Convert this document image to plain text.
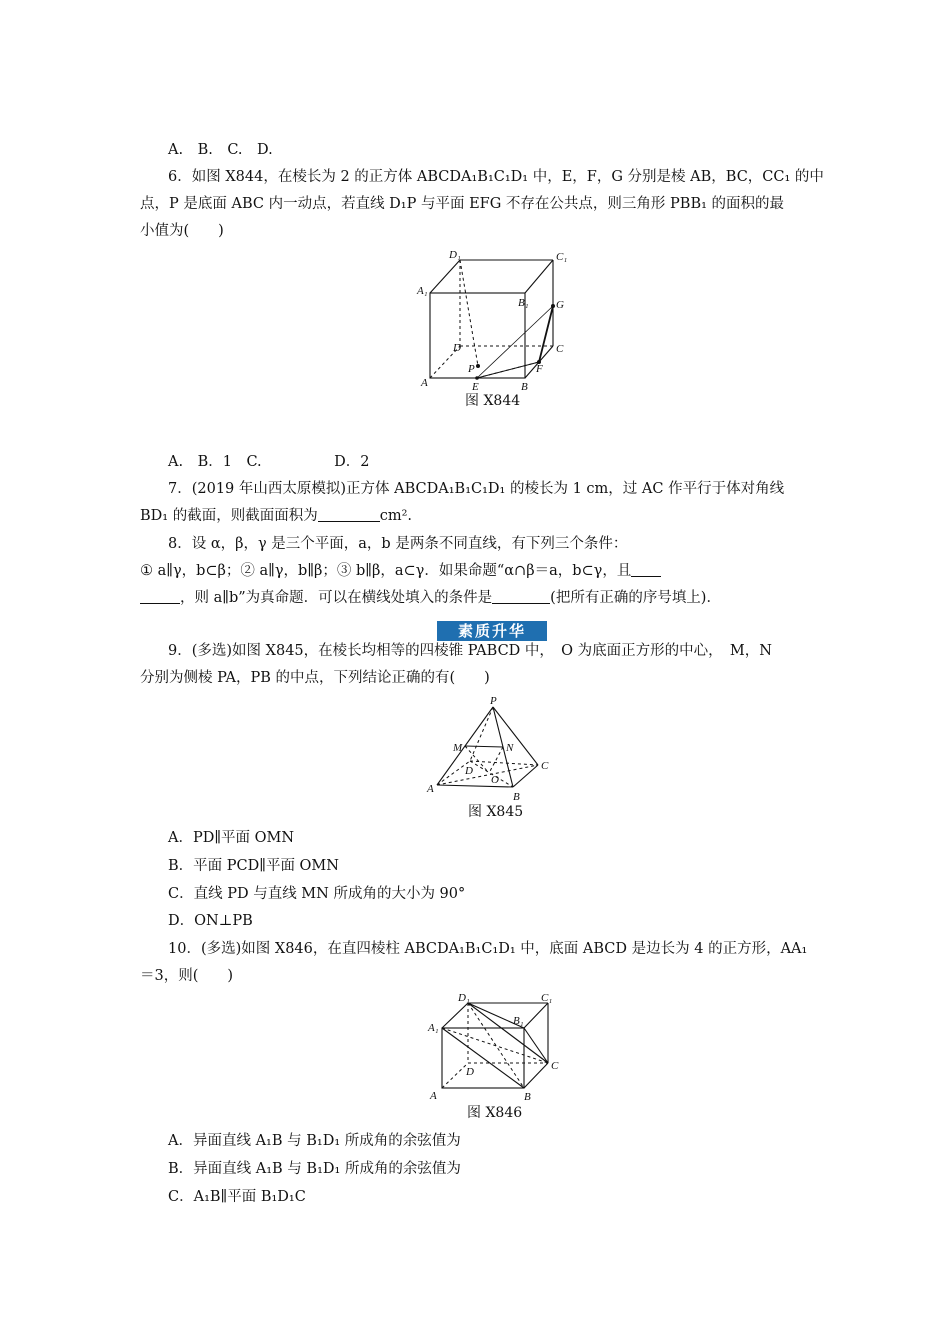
A.　B.　C.　D.
6．如图 X844，在棱长为 2 的正方体 ABCDA₁B₁C₁D₁ 中，E，F，G 分别是棱 AB，BC，CC₁ 的中
点，P 是底面 ABC 内一动点，若直线 D₁P 与平面 EFG 不存在公共点，则三角形 PBB₁ 的面积的最
小值为(　　)
D₁	C₁
A₁
B₁ G
D	C
P	F
A	E	B
图 X844
A.　B．1　C.　　　　　D．2
7．(2019 年山西太原模拟)正方体 ABCDA₁B₁C₁D₁ 的棱长为 1 cm，过 AC 作平行于体对角线
BD₁ 的截面，则截面面积为	cm².
8．设 α，β，γ 是三个平面，a，b 是两条不同直线，有下列三个条件：
① a∥γ，b⊂β；② a∥γ，b∥β；③ b∥β，a⊂γ．如果命题“α∩β＝a，b⊂γ，且
，则 a∥b”为真命题．可以在横线处填入的条件是	(把所有正确的序号填上)．
素质升华
9．(多选)如图 X845，在棱长均相等的四棱锥 PABCD 中，　O 为底面正方形的中心，　M，N
分别为侧棱 PA，PB 的中点，下列结论正确的有(　　)
P
M	N
D
O
C
A
B
图 X845
A．PD∥平面 OMN
B．平面 PCD∥平面 OMN
C．直线 PD 与直线 MN 所成角的大小为 90°
D．ON⊥PB
10．(多选)如图 X846，在直四棱柱 ABCDA₁B₁C₁D₁ 中，底面 ABCD 是边长为 4 的正方形，AA₁
＝3，则(　　)
D₁	C₁
A₁
B₁
D	C
A	B
图 X846
A．异面直线 A₁B 与 B₁D₁ 所成角的余弦值为
B．异面直线 A₁B 与 B₁D₁ 所成角的余弦值为
C．A₁B∥平面 B₁D₁C
